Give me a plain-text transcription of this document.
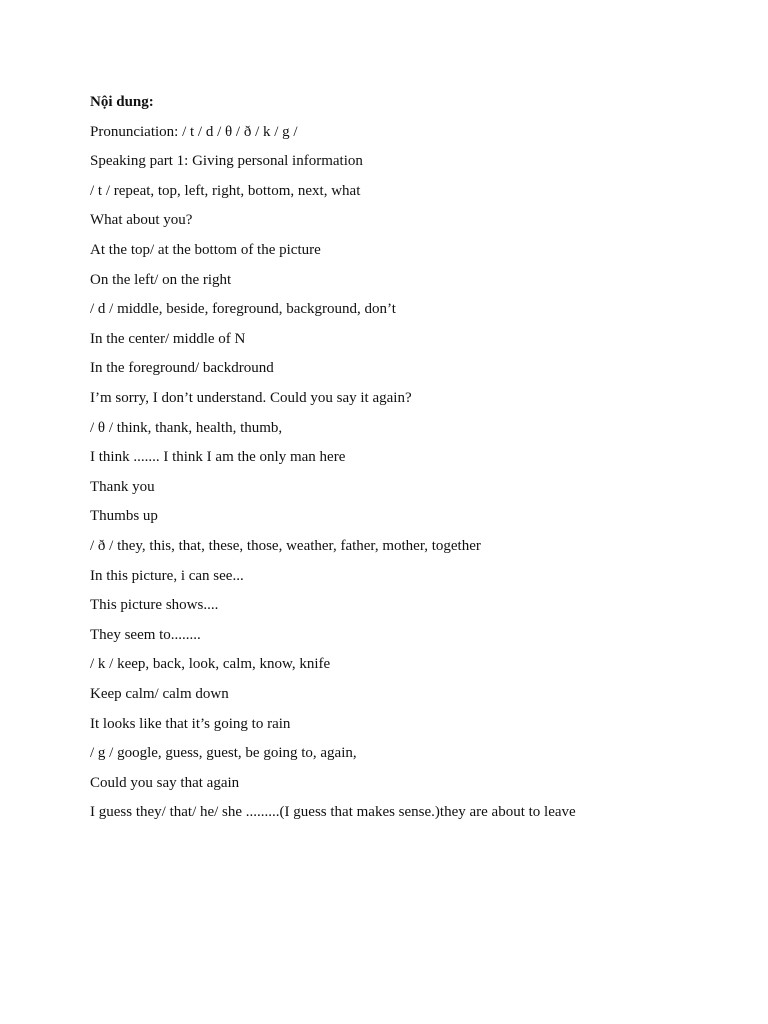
Nội dung:
Pronunciation: / t / d / θ / ð / k / g /
Speaking part 1: Giving personal information
/ t / repeat, top, left, right, bottom, next, what
What about you?
At the top/ at the bottom of the picture
On the left/ on the right
/ d / middle, beside, foreground, background, don’t
In the center/ middle of N
In the foreground/ backdround
I’m sorry, I don’t understand. Could you say it again?
/ θ / think, thank, health, thumb,
I think ....... I think I am the only man here
Thank you
Thumbs up
/ ð / they, this, that, these, those, weather, father, mother, together
In this picture, i can see...
This picture shows....
They seem to........
/ k / keep, back, look, calm, know, knife
Keep calm/ calm down
It looks like that it’s going to rain
/ g / google, guess, guest, be going to, again,
Could you say that again
I guess they/ that/ he/ she .........(I guess that makes sense.)they are about to leave
